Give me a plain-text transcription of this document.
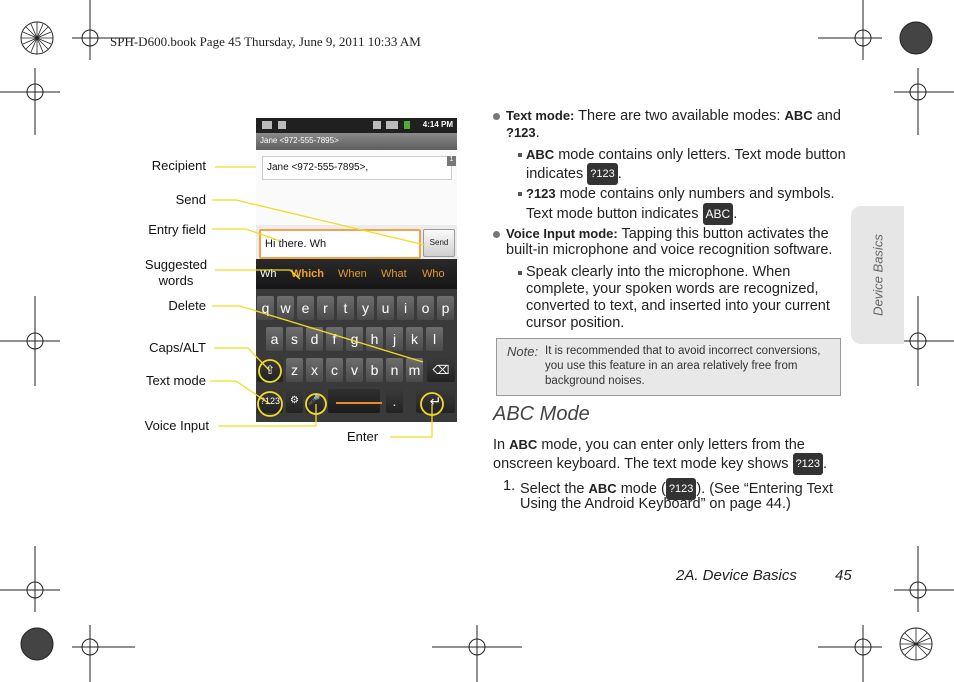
SPH-D600.book Page 45 Thursday, June 9, 2011 10:33 AM
Device Basics
Recipient
Send
Entry field
Suggested
words
Delete
Caps/ALT
Text mode
Voice Input
Enter
4:14 PM
Jane <972-555-7895>
Jane <972-555-7895>,
1
Hi there. Wh	Send
Wh Which When What Who
q w e r	t	y u	i	o p
a s d	f	g h	j	k	l
⇧	z x c v b n m	⌫
?123	⚙ 🎤	.	↵
Text mode: There are two available modes: ABC and
?123.
ABC mode contains only letters. Text mode button
indicates ?123 .
?123 mode contains only numbers and symbols.
Text mode button indicates ABC .
Voice Input mode: Tapping this button activates the
built-in microphone and voice recognition software.
Speak clearly into the microphone. When
complete, your spoken words are recognized,
converted to text, and inserted into your current
cursor position.
Note: It is recommended that to avoid incorrect conversions, you use this feature in an area relatively free from background noises.
ABC Mode
In ABC mode, you can enter only letters from the
onscreen keyboard. The text mode key shows ?123 .
1. Select the ABC mode ( ?123 ). (See “Entering Text
Using the Android Keyboard” on page 44.)
2A. Device Basics	45
